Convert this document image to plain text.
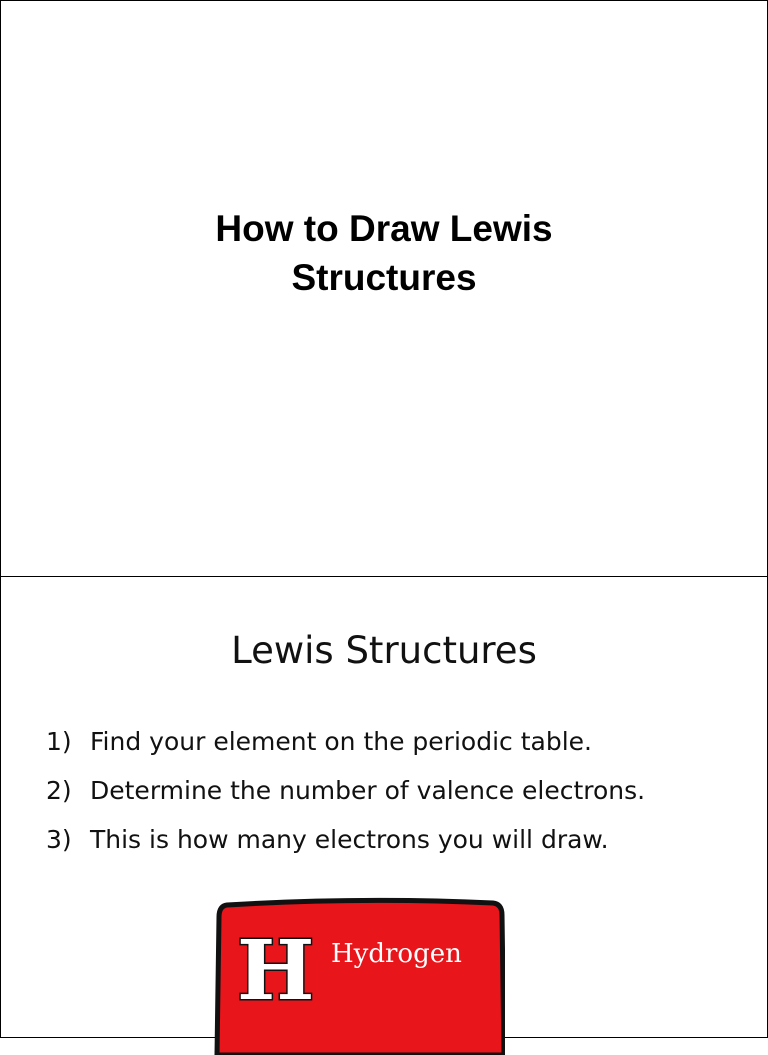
How to Draw Lewis
Structures
Lewis Structures
1) Find your element on the periodic table.
2) Determine the number of valence electrons.
3) This is how many electrons you will draw.
H Hydrogen
